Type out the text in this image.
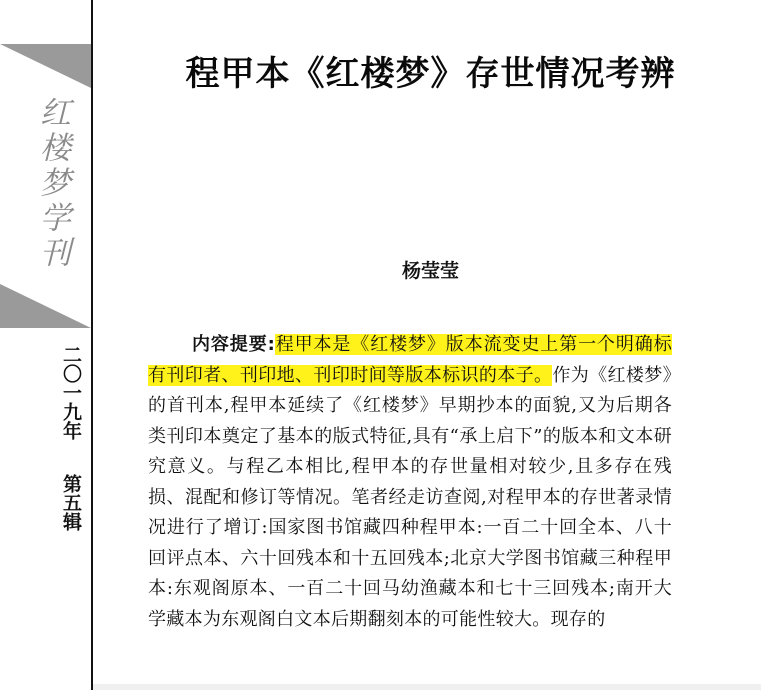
红楼梦学刊
二〇一九年
第五辑
程甲本《红楼梦》存世情况考辨
杨莹莹

内容提要:程甲本是《红楼梦》版本流变史上第一个明确标有刊印者、刊印地、刊印时间等版本标识的本子。作为《红楼梦》的首刊本,程甲本延续了《红楼梦》早期抄本的面貌,又为后期各类刊印本奠定了基本的版式特征,具有“承上启下”的版本和文本研究意义。与程乙本相比,程甲本的存世量相对较少,且多存在残损、混配和修订等情况。笔者经走访查阅,对程甲本的存世著录情况进行了增订:国家图书馆藏四种程甲本:一百二十回全本、八十回评点本、六十回残本和十五回残本;北京大学图书馆藏三种程甲本:东观阁原本、一百二十回马幼渔藏本和七十三回残本;南开大学藏本为东观阁白文本后期翻刻本的可能性较大。现存的
